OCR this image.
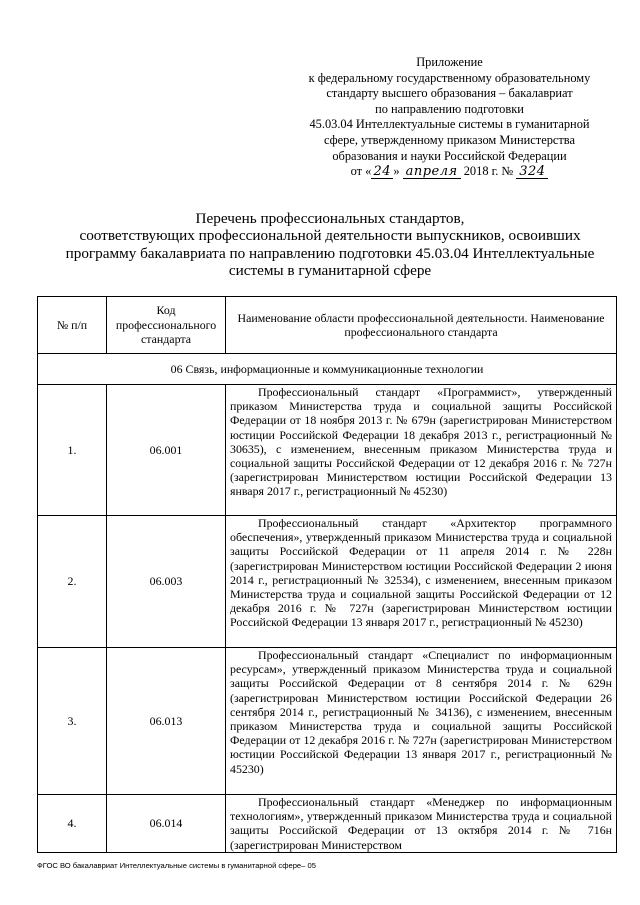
Приложение
к федеральному государственному образовательному
стандарту высшего образования – бакалавриат
по направлению подготовки
45.03.04 Интеллектуальные системы в гуманитарной
сфере, утвержденному приказом Министерства
образования и науки Российской Федерации
от « 24 » апреля 2018 г. № 324
Перечень профессиональных стандартов,
соответствующих профессиональной деятельности выпускников, освоивших
программу бакалавриата по направлению подготовки 45.03.04 Интеллектуальные
системы в гуманитарной сфере
№ п/п	Код профессионального стандарта	Наименование области профессиональной деятельности. Наименование профессионального стандарта
06 Связь, информационные и коммуникационные технологии		
1.	06.001	Профессиональный стандарт «Программист», утвержденный приказом Министерства труда и социальной защиты Российской Федерации от 18 ноября 2013 г. № 679н (зарегистрирован Министерством юстиции Российской Федерации 18 декабря 2013 г., регистрационный № 30635), с изменением, внесенным приказом Министерства труда и социальной защиты Российской Федерации от 12 декабря 2016 г. № 727н (зарегистрирован Министерством юстиции Российской Федерации 13 января 2017 г., регистрационный № 45230)
2.	06.003	Профессиональный стандарт «Архитектор программного обеспечения», утвержденный приказом Министерства труда и социальной защиты Российской Федерации от 11 апреля 2014 г. № 228н (зарегистрирован Министерством юстиции Российской Федерации 2 июня 2014 г., регистрационный № 32534), с изменением, внесенным приказом Министерства труда и социальной защиты Российской Федерации от 12 декабря 2016 г. № 727н (зарегистрирован Министерством юстиции Российской Федерации 13 января 2017 г., регистрационный № 45230)
3.	06.013	Профессиональный стандарт «Специалист по информационным ресурсам», утвержденный приказом Министерства труда и социальной защиты Российской Федерации от 8 сентября 2014 г. № 629н (зарегистрирован Министерством юстиции Российской Федерации 26 сентября 2014 г., регистрационный № 34136), с изменением, внесенным приказом Министерства труда и социальной защиты Российской Федерации от 12 декабря 2016 г. № 727н (зарегистрирован Министерством юстиции Российской Федерации 13 января 2017 г., регистрационный № 45230)
4.	06.014	Профессиональный стандарт «Менеджер по информационным технологиям», утвержденный приказом Министерства труда и социальной защиты Российской Федерации от 13 октября 2014 г. № 716н (зарегистрирован Министерством
ФГОС ВО бакалавриат Интеллектуальные системы в гуманитарной сфере– 05
